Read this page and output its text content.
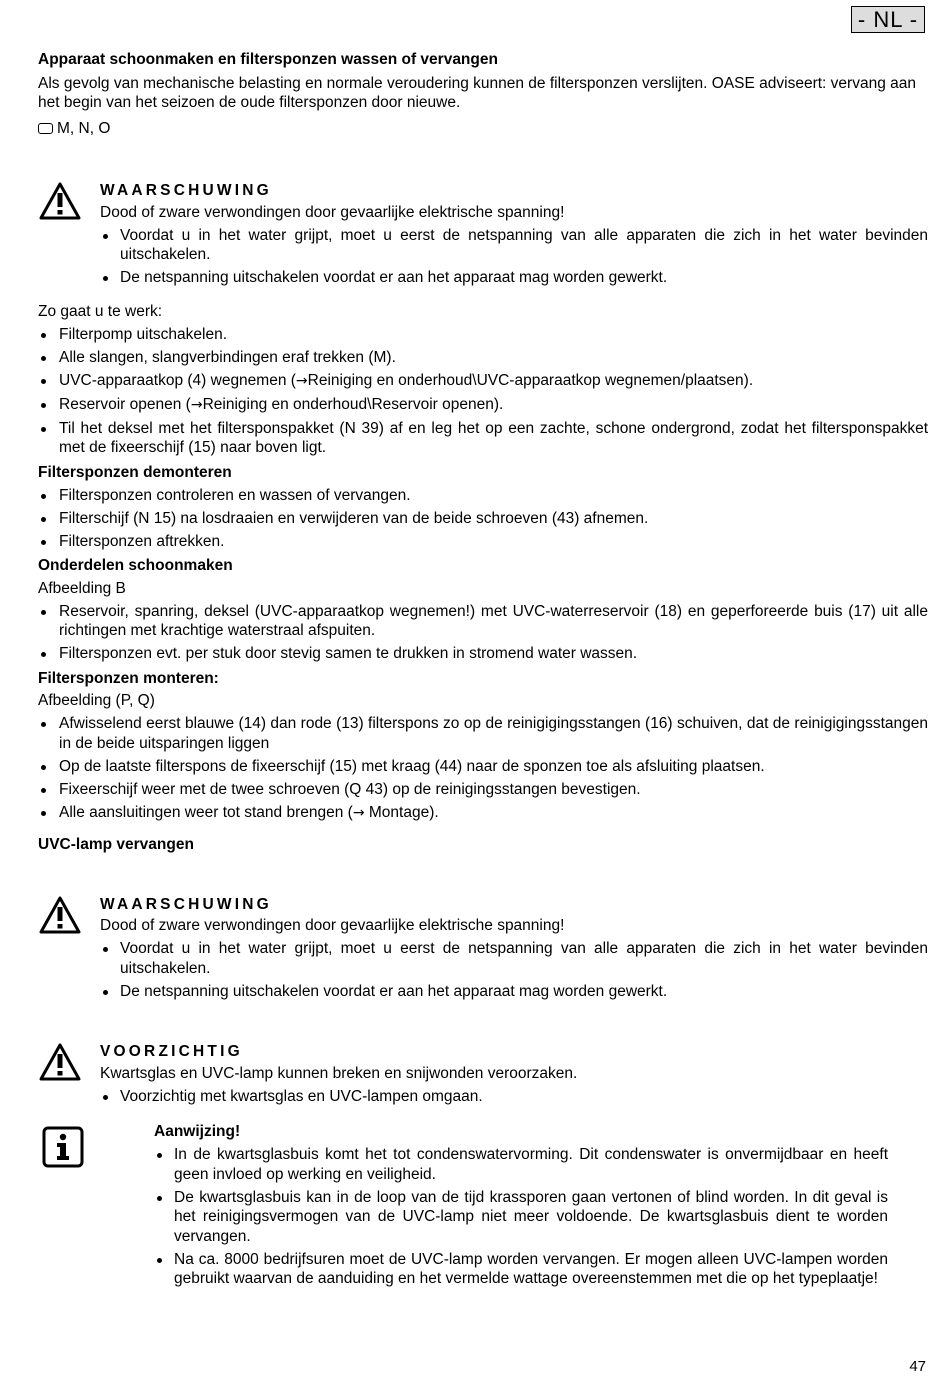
- NL -
Apparaat schoonmaken en filtersponzen wassen of vervangen

Als gevolg van mechanische belasting en normale veroudering kunnen de filtersponzen verslijten. OASE adviseert: vervang aan het begin van het seizoen de oude filtersponzen door nieuwe.

M, N, O
WAARSCHUWING
Dood of zware verwondingen door gevaarlijke elektrische spanning!
Voordat u in het water grijpt, moet u eerst de netspanning van alle apparaten die zich in het water bevinden uitschakelen.
De netspanning uitschakelen voordat er aan het apparaat mag worden gewerkt.
Zo gaat u te werk:
Filterpomp uitschakelen.
Alle slangen, slangverbindingen eraf trekken (M).
UVC-apparaatkop (4) wegnemen (→Reiniging en onderhoud\UVC-apparaatkop wegnemen/plaatsen).
Reservoir openen (→Reiniging en onderhoud\Reservoir openen).
Til het deksel met het filtersponspakket (N 39) af en leg het op een zachte, schone ondergrond, zodat het filtersponspakket met de fixeerschijf (15) naar boven ligt.
Filtersponzen demonteren
Filtersponzen controleren en wassen of vervangen.
Filterschijf (N 15) na losdraaien en verwijderen van de beide schroeven (43) afnemen.
Filtersponzen aftrekken.
Onderdelen schoonmaken
Afbeelding B
Reservoir, spanring, deksel (UVC-apparaatkop wegnemen!) met UVC-waterreservoir (18) en geperforeerde buis (17) uit alle richtingen met krachtige waterstraal afspuiten.
Filtersponzen evt. per stuk door stevig samen te drukken in stromend water wassen.
Filtersponzen monteren:
Afbeelding (P, Q)
Afwisselend eerst blauwe (14) dan rode (13) filterspons zo op de reinigigingsstangen (16) schuiven, dat de reinigigingsstangen in de beide uitsparingen liggen
Op de laatste filterspons de fixeerschijf (15) met kraag (44) naar de sponzen toe als afsluiting plaatsen.
Fixeerschijf weer met de twee schroeven (Q 43) op de reinigingsstangen bevestigen.
Alle aansluitingen weer tot stand brengen (→ Montage).
UVC-lamp vervangen
WAARSCHUWING
Dood of zware verwondingen door gevaarlijke elektrische spanning!
Voordat u in het water grijpt, moet u eerst de netspanning van alle apparaten die zich in het water bevinden uitschakelen.
De netspanning uitschakelen voordat er aan het apparaat mag worden gewerkt.
VOORZICHTIG
Kwartsglas en UVC-lamp kunnen breken en snijwonden veroorzaken.
Voorzichtig met kwartsglas en UVC-lampen omgaan.
Aanwijzing!
In de kwartsglasbuis komt het tot condenswatervorming. Dit condenswater is onvermijdbaar en heeft geen invloed op werking en veiligheid.
De kwartsglasbuis kan in de loop van de tijd krassporen gaan vertonen of blind worden. In dit geval is het reinigingsvermogen van de UVC-lamp niet meer voldoende. De kwartsglasbuis dient te worden vervangen.
Na ca. 8000 bedrijfsuren moet de UVC-lamp worden vervangen. Er mogen alleen UVC-lampen worden gebruikt waarvan de aanduiding en het vermelde wattage overeenstemmen met die op het typeplaatje!
47
